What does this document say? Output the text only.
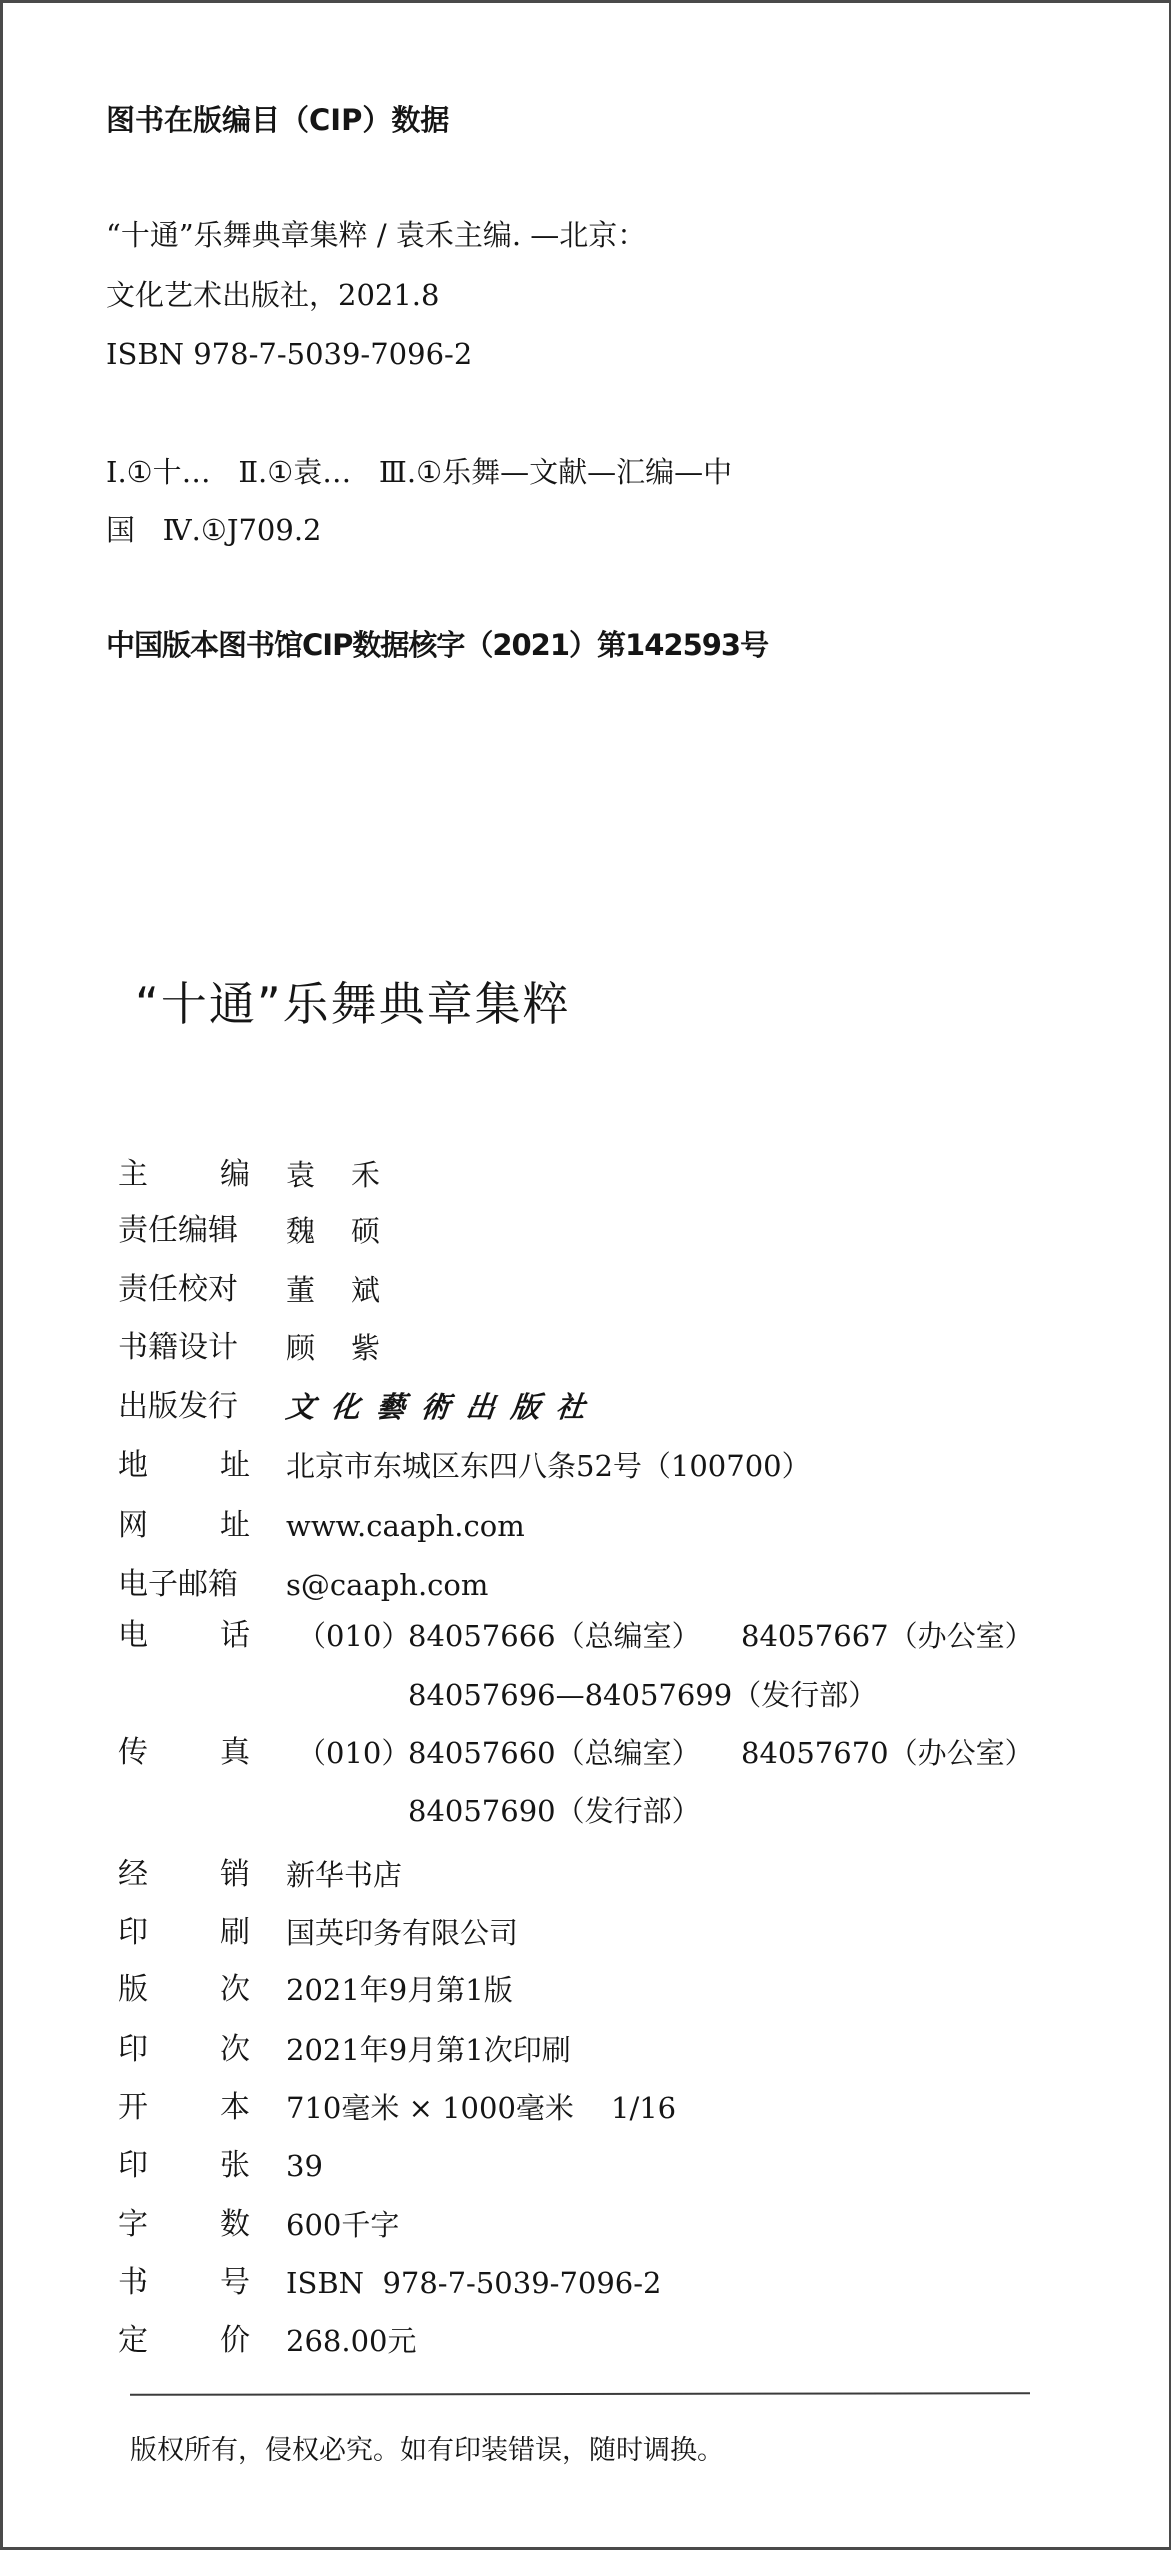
图书在版编目（CIP）数据
“十通”乐舞典章集粹 / 袁禾主编. —北京：
文化艺术出版社，2021.8
ISBN 978-7-5039-7096-2
Ⅰ.①十…   Ⅱ.①袁…   Ⅲ.①乐舞—文献—汇编—中
国   Ⅳ.①J709.2
中国版本图书馆CIP数据核字（2021）第142593号
“十通”乐舞典章集粹
主 编 袁禾
责任编辑 魏硕
责任校对 董斌
书籍设计 顾紫
出版发行 文化藝術出版社
地 址 北京市东城区东四八条52号（100700）
网 址 www.caaph.com
电子邮箱 s@caaph.com
电 话 （010）
84057666（总编室） 84057667（办公室）
84057696—84057699（发行部）
传 真 （010）
84057660（总编室） 84057670（办公室）
84057690（发行部）
经 销 新华书店
印 刷 国英印务有限公司
版 次 2021年9月第1版
印 次 2021年9月第1次印刷
开 本 710毫米 × 1000毫米 1/16
印 张 39
字 数 600千字
书 号 ISBN  978-7-5039-7096-2
定 价 268.00元
版权所有，侵权必究。如有印装错误，随时调换。
